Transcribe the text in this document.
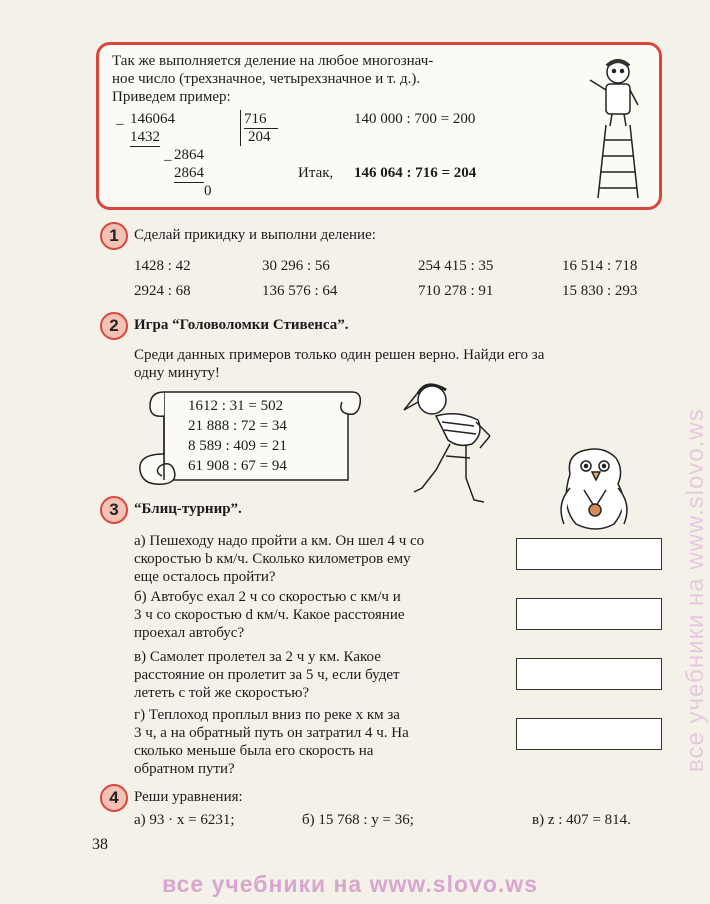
Так же выполняется деление на любое многознач-
ное число (трехзначное, четырехзначное и т. д.).
Приведем пример:
_ 146064	716
1432	204
_ 2864
2864
0
140 000 : 700 = 200
Итак, 146 064 : 716 = 204
1	Сделай прикидку и выполни деление:
1428 : 42	30 296 : 56	254 415 : 35	16 514 : 718
2924 : 68	136 576 : 64	710 278 : 91	15 830 : 293
2	Игра “Головоломки Стивенса”.
Среди данных примеров только один решен верно. Найди его за
одну минуту!
1612 : 31 = 502
21 888 : 72 = 34
8 589 : 409 = 21
61 908 : 67 = 94
3	“Блиц-турнир”.
а) Пешеходу надо пройти a км. Он шел 4 ч со
скоростью b км/ч. Сколько километров ему
еще осталось пройти?
б) Автобус ехал 2 ч со скоростью c км/ч и
3 ч со скоростью d км/ч. Какое расстояние
проехал автобус?
в) Самолет пролетел за 2 ч y км. Какое
расстояние он пролетит за 5 ч, если будет
лететь с той же скоростью?
г) Теплоход проплыл вниз по реке x км за
3 ч, а на обратный путь он затратил 4 ч. На
сколько меньше была его скорость на
обратном пути?
4	Реши уравнения:
а) 93 · x = 6231;	б) 15 768 : y = 36;	в) z : 407 = 814.
38
все учебники на www.slovo.ws
все учебники на www.slovo.ws
